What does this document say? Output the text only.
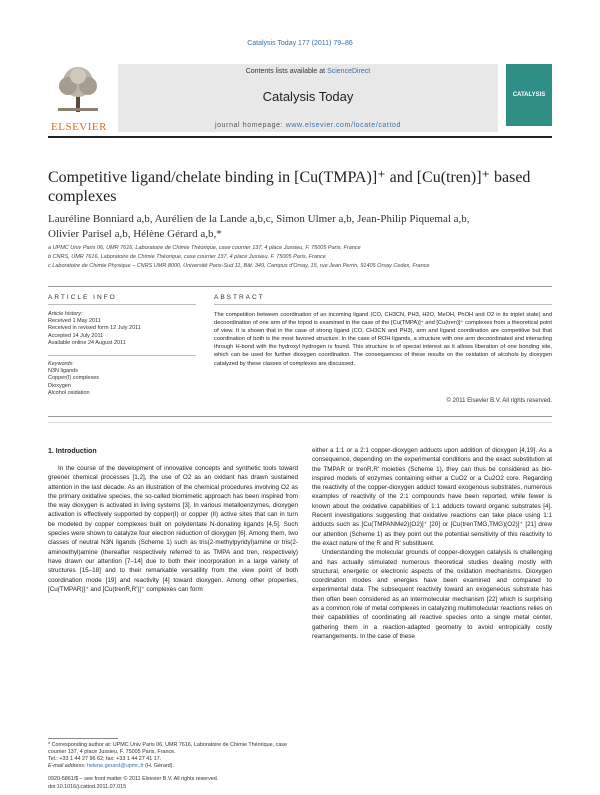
Catalysis Today 177 (2011) 79–86
ELSEVIER
Contents lists available at ScienceDirect
Catalysis Today
journal homepage: www.elsevier.com/locate/cattod
CATALYSIS
Competitive ligand/chelate binding in [Cu(TMPA)]⁺ and [Cu(tren)]⁺ based complexes
Lauréline Bonniard a,b, Aurélien de la Lande a,b,c, Simon Ulmer a,b, Jean-Philip Piquemal a,b,
Olivier Parisel a,b, Hélène Gérard a,b,*
a UPMC Univ Paris 06, UMR 7616, Laboratoire de Chimie Théorique, case courrier 137, 4 place Jussieu, F. 75005 Paris, France
b CNRS, UMR 7616, Laboratoire de Chimie Théorique, case courrier 137, 4 place Jussieu, F. 75005 Paris, France
c Laboratoire de Chimie Physique – CNRS UMR 8000, Université Paris-Sud 11, Bât. 349, Campus d'Orsay, 15, rue Jean Perrin, 91405 Orsay Cedex, France
ARTICLE INFO
Article history:
Received 1 May 2011
Received in revised form 12 July 2011
Accepted 14 July 2011
Available online 24 August 2011
Keywords:
N3N ligands
Copper(I) complexes
Dioxygen
Alcohol oxidation
ABSTRACT
The competition between coordination of an incoming ligand (CO, CH3CN, PH3, H2O, MeOH, PhOH and O2 in its triplet state) and decoordination of one arm of the tripod is examined in the case of the [Cu(TMPA)]⁺ and [Cu(tren)]⁺ complexes from a theoretical point of view. It is shown that in the case of strong ligand (CO, CH3CN and PH3), arm and ligand coordination are competitive but that coordination of both is the most favored structure. In the case of ROH ligands, a structure with one arm decoordinated and interacting through H-bond with the hydroxyl hydrogen is found. This structure is of special interest as it allows liberation of one bonding site, which can be used for further dioxygen coordination. The consequences of these results on the oxidation of alcohols by dioxygen catalyzed by these classes of complexes are discussed.
© 2011 Elsevier B.V. All rights reserved.
1. Introduction

In the course of the development of innovative concepts and synthetic tools toward greener chemical processes [1,2], the use of O2 as an oxidant has drawn sustained attention in the last decade. As an illustration of the chemical procedures involving O2 as the primary oxidative species, the so-called biomimetic approach has been inspired from the way dioxygen is activated in living systems [3]. In various metalloenzymes, dioxygen activation is effectively supported by copper(I) or copper (II) active sites that can in turn be modeled by copper complexes built on polydentate N-donating ligands [4,5]. Such species were shown to catalyze four electron reduction of dioxygen [6]. Among them, two classes of neutral N3N ligands (Scheme 1) such as tris(2-methylpyridyl)amine or tris(2-aminoethyl)amine (thereafter respectively referred to as TMPA and tren, respectively) have drawn our attention [7–14] due to both their incorporation in a large variety of structures [15–18] and to their remarkable versatility from the view point of both coordination mode [19] and reactivity [4] toward dioxygen. Among other properties, [Cu(TMPAR)]⁺ and [Cu(trenR,R')]⁺ complexes can form

either a 1:1 or a 2:1 copper-dioxygen adducts upon addition of dioxygen [4,19]. As a consequence, depending on the experimental conditions and the exact substitution at the TMPAR or trenR,R' moieties (Scheme 1), they can thus be considered as bio-inspired models of enzymes containing either a CuO2 or a Cu2O2 core. Regarding the reactivity of the copper-dioxygen adduct toward exogenous substrates, numerous examples of reactivity of the 2:1 compounds have been reported, while fewer is known about the oxidative capabilities of 1:1 adducts toward organic substrates [4]. Recent investigations suggesting that oxidative reactions can take place using 1:1 adducts such as [Cu(TMPANMe2)(O2)]⁺ [20] or [Cu(trenTMG,TMG)(O2)]⁺ [21] drew our attention (Scheme 1) as they point out the potential sensitivity of this reactivity to the exact nature of the R and R' substituent.

Understanding the molecular grounds of copper-dioxygen catalysis is challenging and has actually stimulated numerous theoretical studies dealing mostly with structural, energetic or electronic aspects of the oxidation mechanisms. Dioxygen coordination modes and energies have been examined and compared to experimental data. The subsequent reactivity toward an exogeneous substrate has then often been considered as an intermolecular mechanism [22] which is surprising as a common role of metal complexes in catalyzing multimolecular reactions relies on their capabilities of coordinating all reactive species onto a single metal center, gathering them in a reaction-adapted geometry to avoid entropically costly rearrangements. In the case of these

* Corresponding author at: UPMC Univ Paris 06, UMR 7616, Laboratoire de Chimie Théorique, case courrier 137, 4 place Jussieu, F. 75005 Paris, France.
Tel.: +33 1 44 27 96 62; fax: +33 1 44 27 41 17.
E-mail address: helene.gerard@upmc.fr (H. Gérard).
0920-5861/$ – see front matter © 2011 Elsevier B.V. All rights reserved.
doi:10.1016/j.cattod.2011.07.015
